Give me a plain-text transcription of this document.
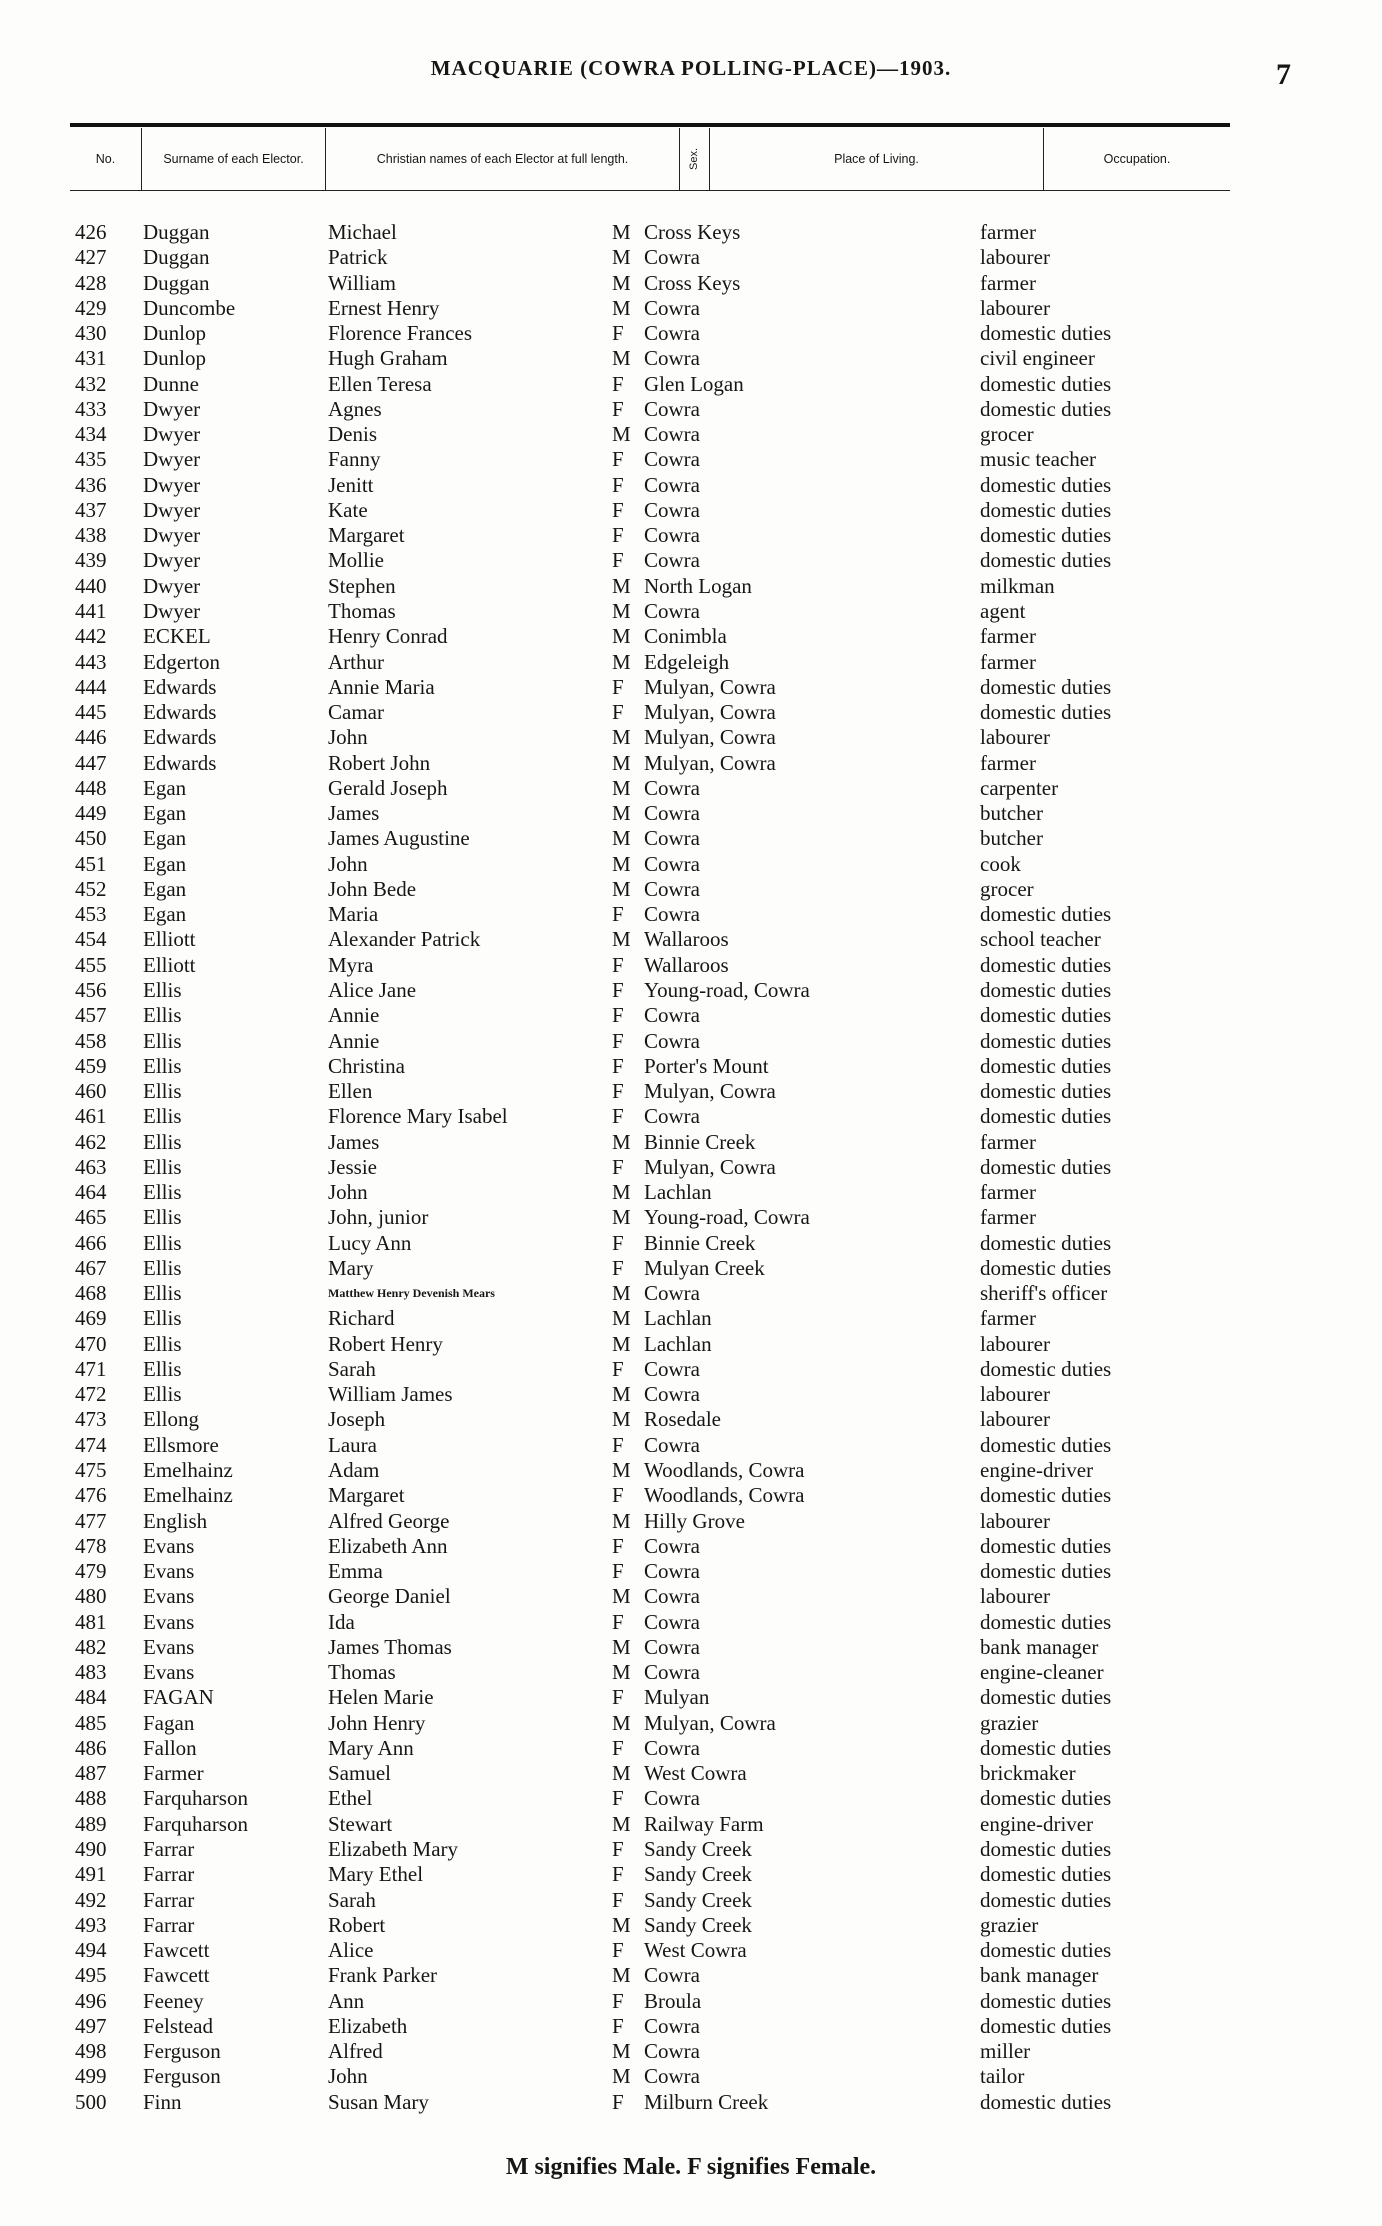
MACQUARIE (COWRA POLLING-PLACE)—1903.	7
No.	Surname of each Elector.	Christian names of each Elector at full length.	Sex.	Place of Living.	Occupation.
426	Duggan	Michael	M Cross Keys	farmer
427	Duggan	Patrick	M Cowra	labourer
428	Duggan	William	M Cross Keys	farmer
429	Duncombe	Ernest Henry	M Cowra	labourer
430	Dunlop	Florence Frances	F Cowra	domestic duties
431	Dunlop	Hugh Graham	M Cowra	civil engineer
432	Dunne	Ellen Teresa	F Glen Logan	domestic duties
433	Dwyer	Agnes	F Cowra	domestic duties
434	Dwyer	Denis	M Cowra	grocer
435	Dwyer	Fanny	F Cowra	music teacher
436	Dwyer	Jenitt	F Cowra	domestic duties
437	Dwyer	Kate	F Cowra	domestic duties
438	Dwyer	Margaret	F Cowra	domestic duties
439	Dwyer	Mollie	F Cowra	domestic duties
440	Dwyer	Stephen	M North Logan	milkman
441	Dwyer	Thomas	M Cowra	agent
442	ECKEL	Henry Conrad	M Conimbla	farmer
443	Edgerton	Arthur	M Edgeleigh	farmer
444	Edwards	Annie Maria	F Mulyan, Cowra	domestic duties
445	Edwards	Camar	F Mulyan, Cowra	domestic duties
446	Edwards	John	M Mulyan, Cowra	labourer
447	Edwards	Robert John	M Mulyan, Cowra	farmer
448	Egan	Gerald Joseph	M Cowra	carpenter
449	Egan	James	M Cowra	butcher
450	Egan	James Augustine	M Cowra	butcher
451	Egan	John	M Cowra	cook
452	Egan	John Bede	M Cowra	grocer
453	Egan	Maria	F Cowra	domestic duties
454	Elliott	Alexander Patrick	M Wallaroos	school teacher
455	Elliott	Myra	F Wallaroos	domestic duties
456	Ellis	Alice Jane	F Young-road, Cowra	domestic duties
457	Ellis	Annie	F Cowra	domestic duties
458	Ellis	Annie	F Cowra	domestic duties
459	Ellis	Christina	F Porter's Mount	domestic duties
460	Ellis	Ellen	F Mulyan, Cowra	domestic duties
461	Ellis	Florence Mary Isabel	F Cowra	domestic duties
462	Ellis	James	M Binnie Creek	farmer
463	Ellis	Jessie	F Mulyan, Cowra	domestic duties
464	Ellis	John	M Lachlan	farmer
465	Ellis	John, junior	M Young-road, Cowra	farmer
466	Ellis	Lucy Ann	F Binnie Creek	domestic duties
467	Ellis	Mary	F Mulyan Creek	domestic duties
468	Ellis	Matthew Henry Devenish Mears	M Cowra	sheriff's officer
469	Ellis	Richard	M Lachlan	farmer
470	Ellis	Robert Henry	M Lachlan	labourer
471	Ellis	Sarah	F Cowra	domestic duties
472	Ellis	William James	M Cowra	labourer
473	Ellong	Joseph	M Rosedale	labourer
474	Ellsmore	Laura	F Cowra	domestic duties
475	Emelhainz	Adam	M Woodlands, Cowra	engine-driver
476	Emelhainz	Margaret	F Woodlands, Cowra	domestic duties
477	English	Alfred George	M Hilly Grove	labourer
478	Evans	Elizabeth Ann	F Cowra	domestic duties
479	Evans	Emma	F Cowra	domestic duties
480	Evans	George Daniel	M Cowra	labourer
481	Evans	Ida	F Cowra	domestic duties
482	Evans	James Thomas	M Cowra	bank manager
483	Evans	Thomas	M Cowra	engine-cleaner
484	FAGAN	Helen Marie	F Mulyan	domestic duties
485	Fagan	John Henry	M Mulyan, Cowra	grazier
486	Fallon	Mary Ann	F Cowra	domestic duties
487	Farmer	Samuel	M West Cowra	brickmaker
488	Farquharson	Ethel	F Cowra	domestic duties
489	Farquharson	Stewart	M Railway Farm	engine-driver
490	Farrar	Elizabeth Mary	F Sandy Creek	domestic duties
491	Farrar	Mary Ethel	F Sandy Creek	domestic duties
492	Farrar	Sarah	F Sandy Creek	domestic duties
493	Farrar	Robert	M Sandy Creek	grazier
494	Fawcett	Alice	F West Cowra	domestic duties
495	Fawcett	Frank Parker	M Cowra	bank manager
496	Feeney	Ann	F Broula	domestic duties
497	Felstead	Elizabeth	F Cowra	domestic duties
498	Ferguson	Alfred	M Cowra	miller
499	Ferguson	John	M Cowra	tailor
500	Finn	Susan Mary	F Milburn Creek	domestic duties
M signifies Male. F signifies Female.
